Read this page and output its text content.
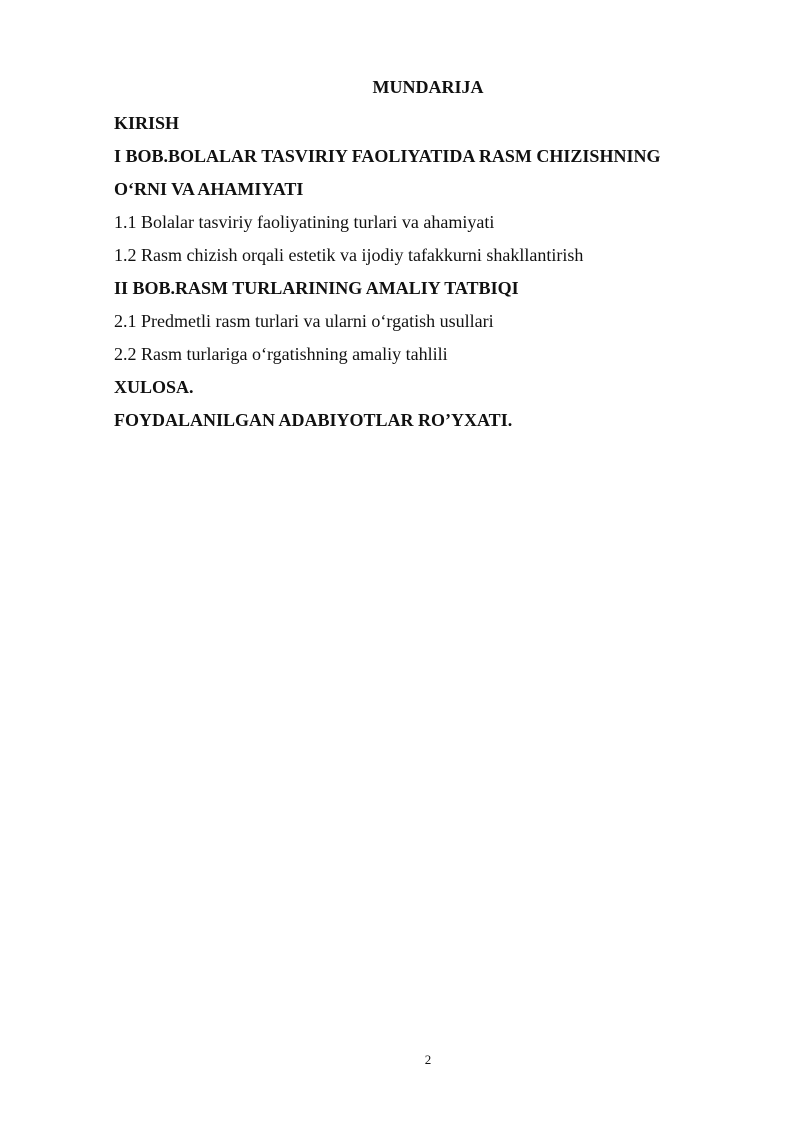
MUNDARIJA
KIRISH
I BOB.BOLALAR TASVIRIY FAOLIYATIDA RASM CHIZISHNING
O‘RNI VA AHAMIYATI
1.1 Bolalar tasviriy faoliyatining turlari va ahamiyati
1.2 Rasm chizish orqali estetik va ijodiy tafakkurni shakllantirish
II BOB.RASM TURLARINING AMALIY TATBIQI
2.1 Predmetli rasm turlari va ularni o‘rgatish usullari
2.2 Rasm turlariga o‘rgatishning amaliy tahlili
XULOSA.
FOYDALANILGAN ADABIYOTLAR RO’YXATI.
2
